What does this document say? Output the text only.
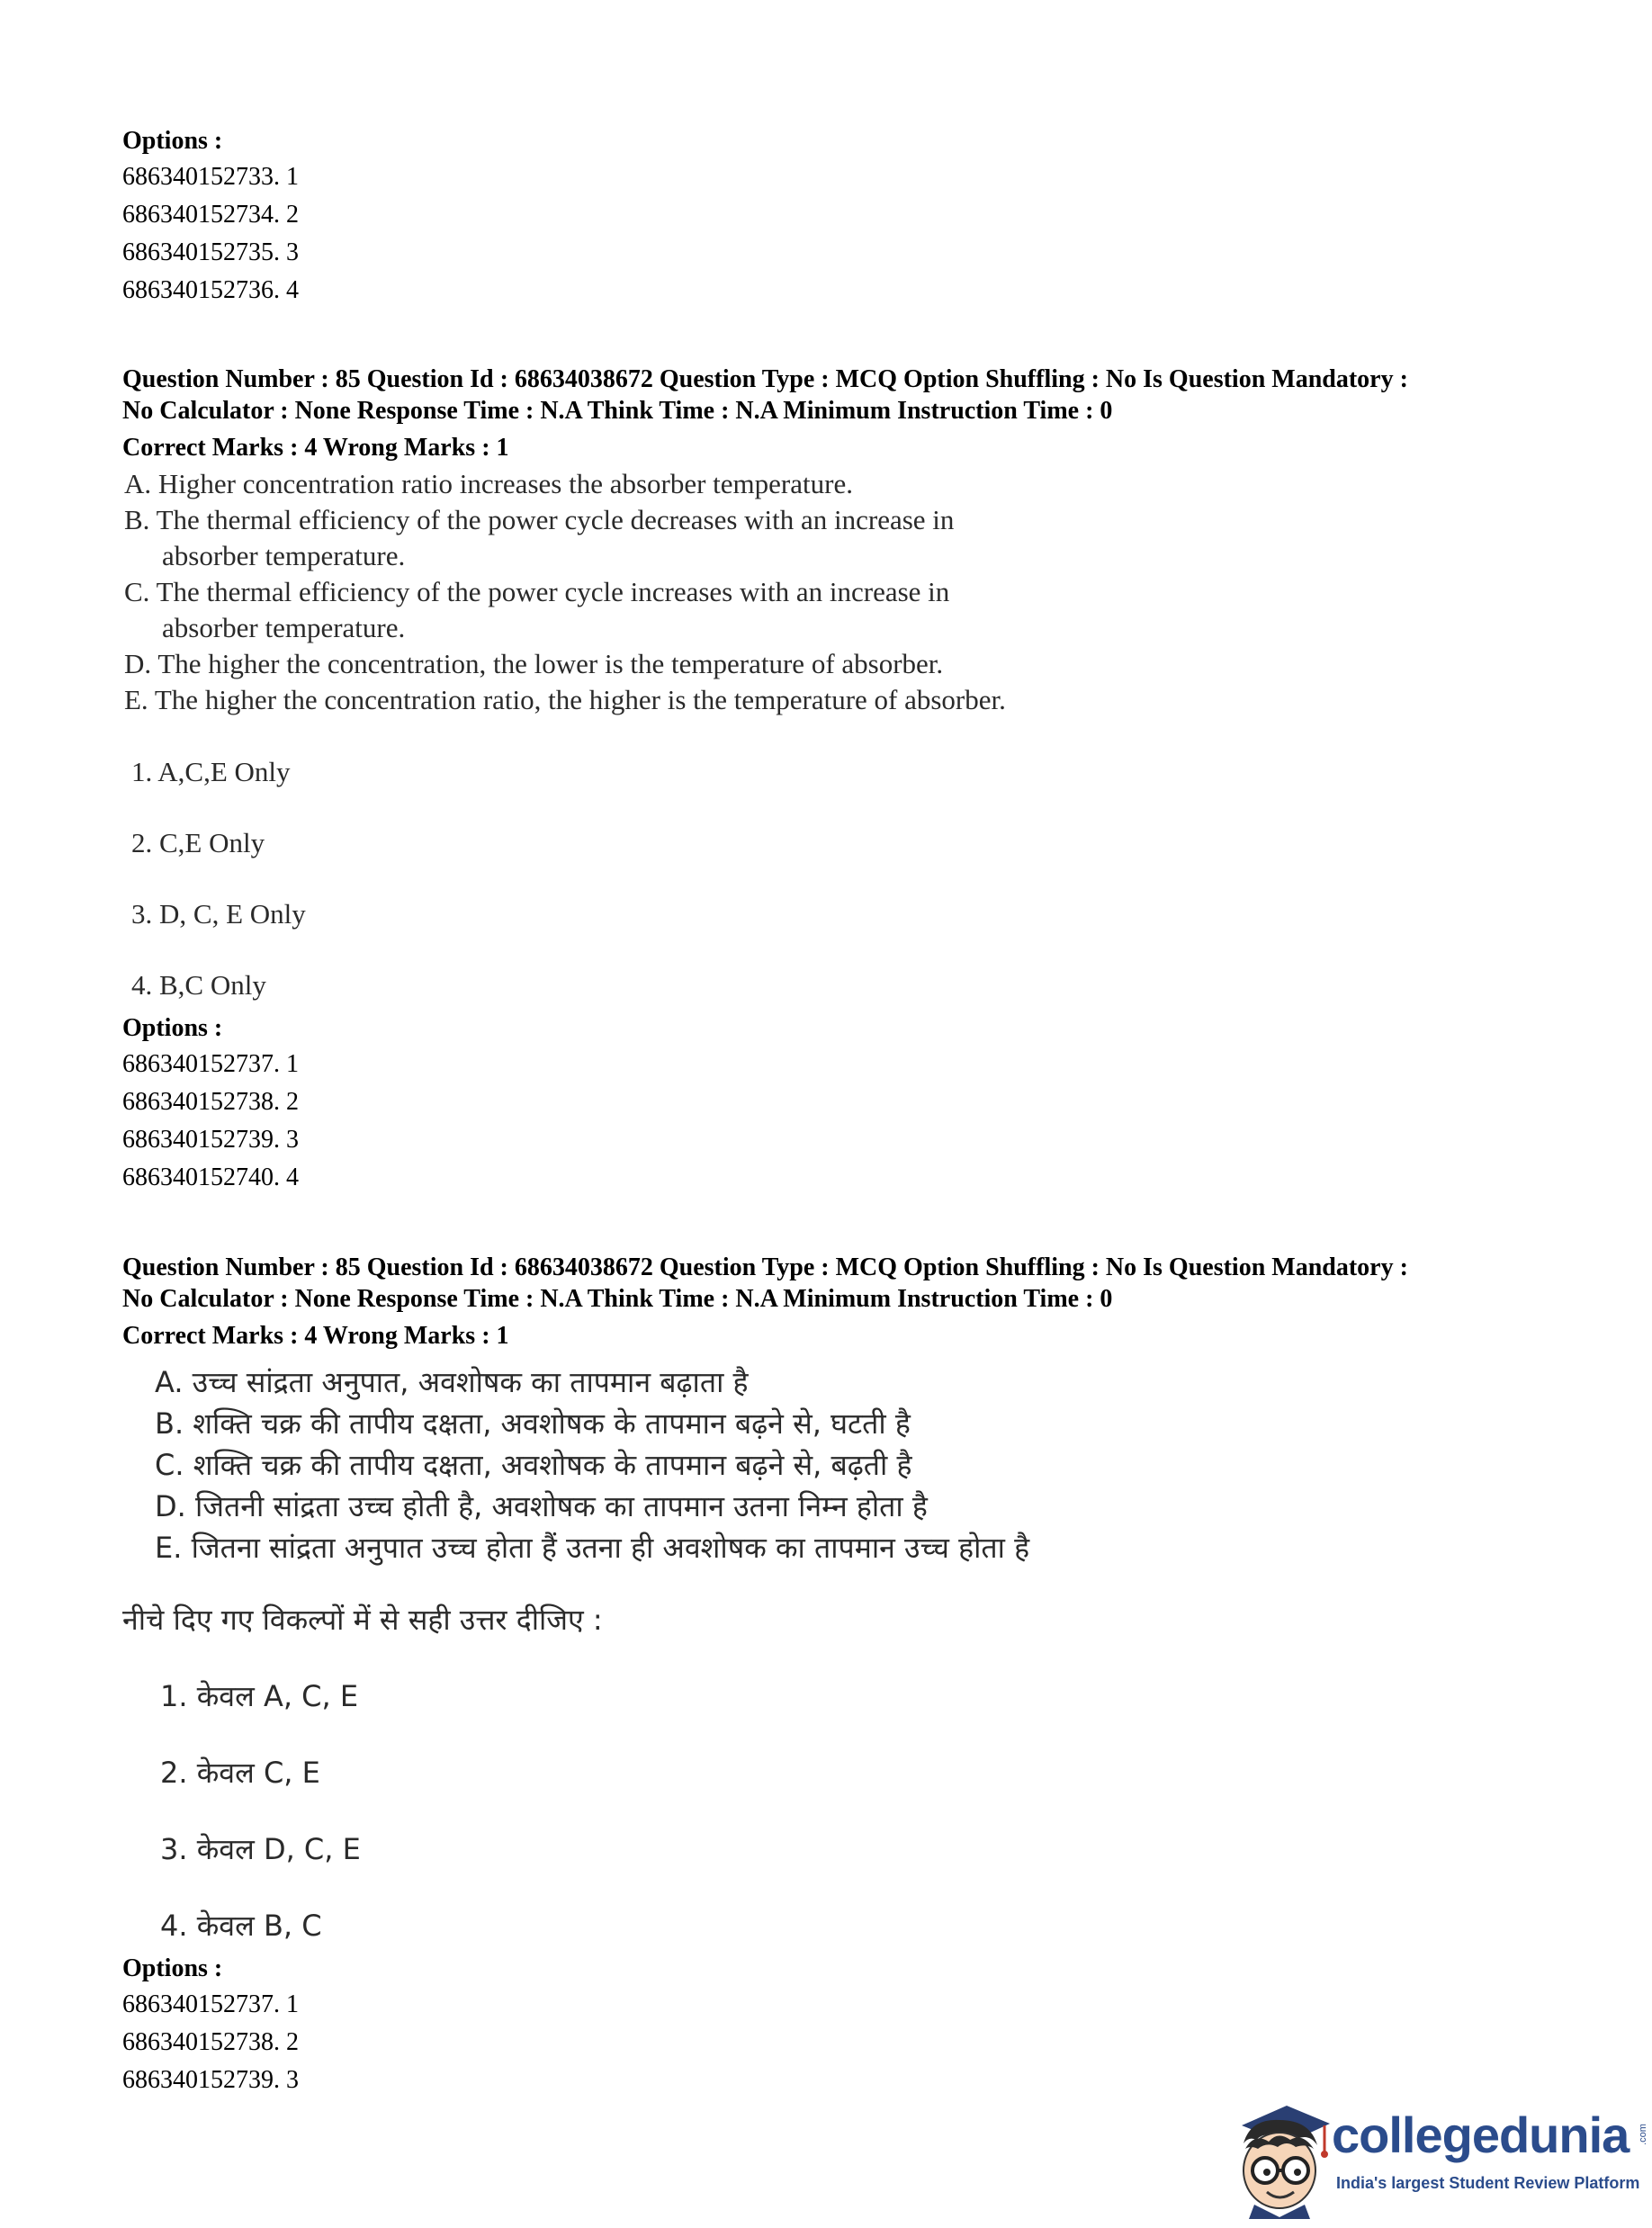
Options :
686340152733. 1
686340152734. 2
686340152735. 3
686340152736. 4
Question Number : 85 Question Id : 68634038672 Question Type : MCQ Option Shuffling : No Is Question Mandatory :
No Calculator : None Response Time : N.A Think Time : N.A Minimum Instruction Time : 0
Correct Marks : 4 Wrong Marks : 1
A. Higher concentration ratio increases the absorber temperature.
B. The thermal efficiency of the power cycle decreases with an increase in
absorber temperature.
C. The thermal efficiency of the power cycle increases with an increase in
absorber temperature.
D. The higher the concentration, the lower is the temperature of absorber.
E. The higher the concentration ratio, the higher is the temperature of absorber.
1. A,C,E Only
2. C,E Only
3. D, C, E Only
4. B,C Only
Options :
686340152737. 1
686340152738. 2
686340152739. 3
686340152740. 4
Question Number : 85 Question Id : 68634038672 Question Type : MCQ Option Shuffling : No Is Question Mandatory :
No Calculator : None Response Time : N.A Think Time : N.A Minimum Instruction Time : 0
Correct Marks : 4 Wrong Marks : 1
A. उच्च सांद्रता अनुपात, अवशोषक का तापमान बढ़ाता है
B. शक्ति चक्र की तापीय दक्षता, अवशोषक के तापमान बढ़ने से, घटती है
C. शक्ति चक्र की तापीय दक्षता, अवशोषक के तापमान बढ़ने से, बढ़ती है
D. जितनी सांद्रता उच्च होती है, अवशोषक का तापमान उतना निम्न होता है
E. जितना सांद्रता अनुपात उच्च होता हैं उतना ही अवशोषक का तापमान उच्च होता है
नीचे दिए गए विकल्पों में से सही उत्तर दीजिए :
1. केवल A, C, E
2. केवल C, E
3. केवल D, C, E
4. केवल B, C
Options :
686340152737. 1
686340152738. 2
686340152739. 3
collegedunia .com
India's largest Student Review Platform
